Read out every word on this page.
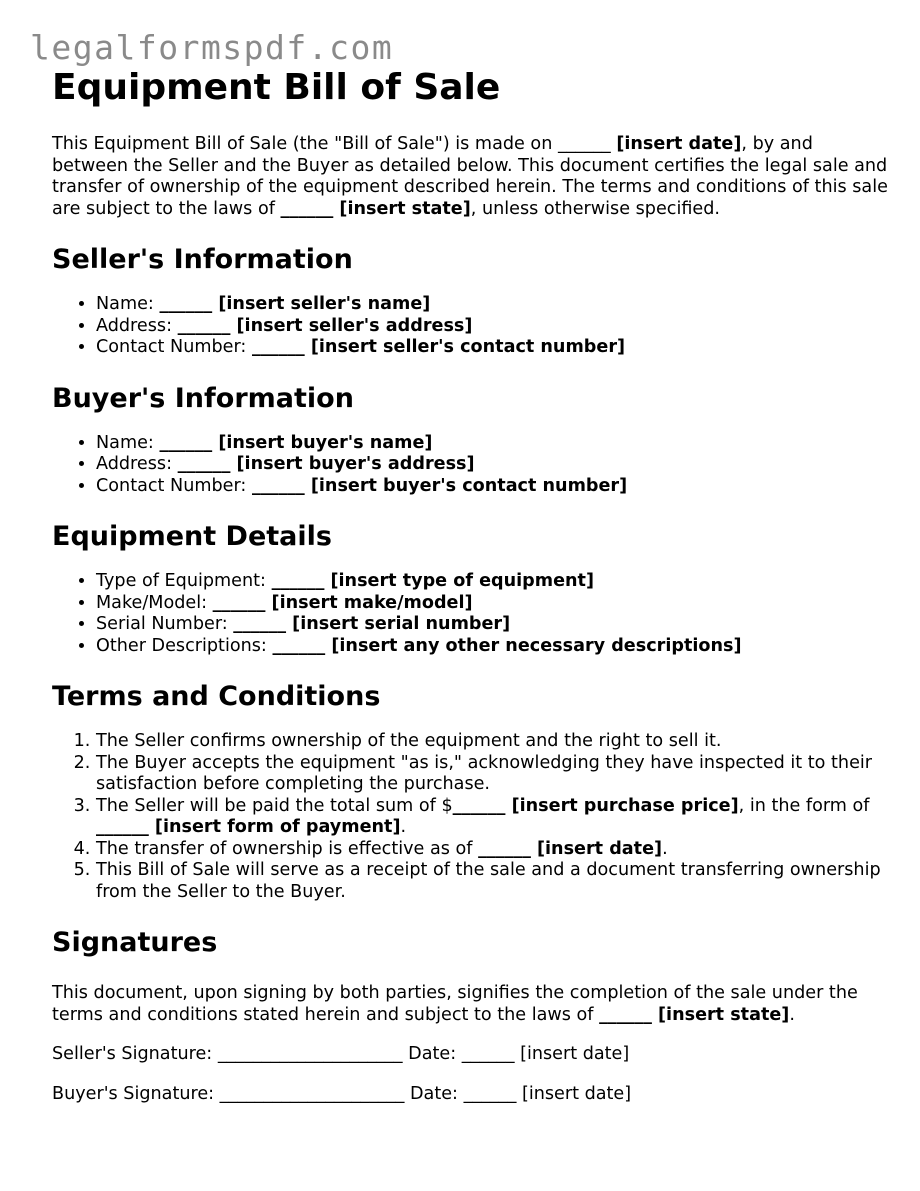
legalformspdf.com
Equipment Bill of Sale

This Equipment Bill of Sale (the "Bill of Sale") is made on ______ [insert date], by and between the Seller and the Buyer as detailed below. This document certifies the legal sale and transfer of ownership of the equipment described herein. The terms and conditions of this sale are subject to the laws of ______ [insert state], unless otherwise specified.

Seller's Information
• Name: ______ [insert seller's name]
• Address: ______ [insert seller's address]
• Contact Number: ______ [insert seller's contact number]
Buyer's Information
• Name: ______ [insert buyer's name]
• Address: ______ [insert buyer's address]
• Contact Number: ______ [insert buyer's contact number]
Equipment Details
• Type of Equipment: ______ [insert type of equipment]
• Make/Model: ______ [insert make/model]
• Serial Number: ______ [insert serial number]
• Other Descriptions: ______ [insert any other necessary descriptions]
Terms and Conditions
1. The Seller confirms ownership of the equipment and the right to sell it.
2. The Buyer accepts the equipment "as is," acknowledging they have inspected it to their satisfaction before completing the purchase.
3. The Seller will be paid the total sum of $______ [insert purchase price], in the form of ______ [insert form of payment].
4. The transfer of ownership is effective as of ______ [insert date].
5. This Bill of Sale will serve as a receipt of the sale and a document transferring ownership from the Seller to the Buyer.
Signatures

This document, upon signing by both parties, signifies the completion of the sale under the terms and conditions stated herein and subject to the laws of ______ [insert state].

Seller's Signature: _____________________ Date: ______ [insert date]

Buyer's Signature: _____________________ Date: ______ [insert date]
